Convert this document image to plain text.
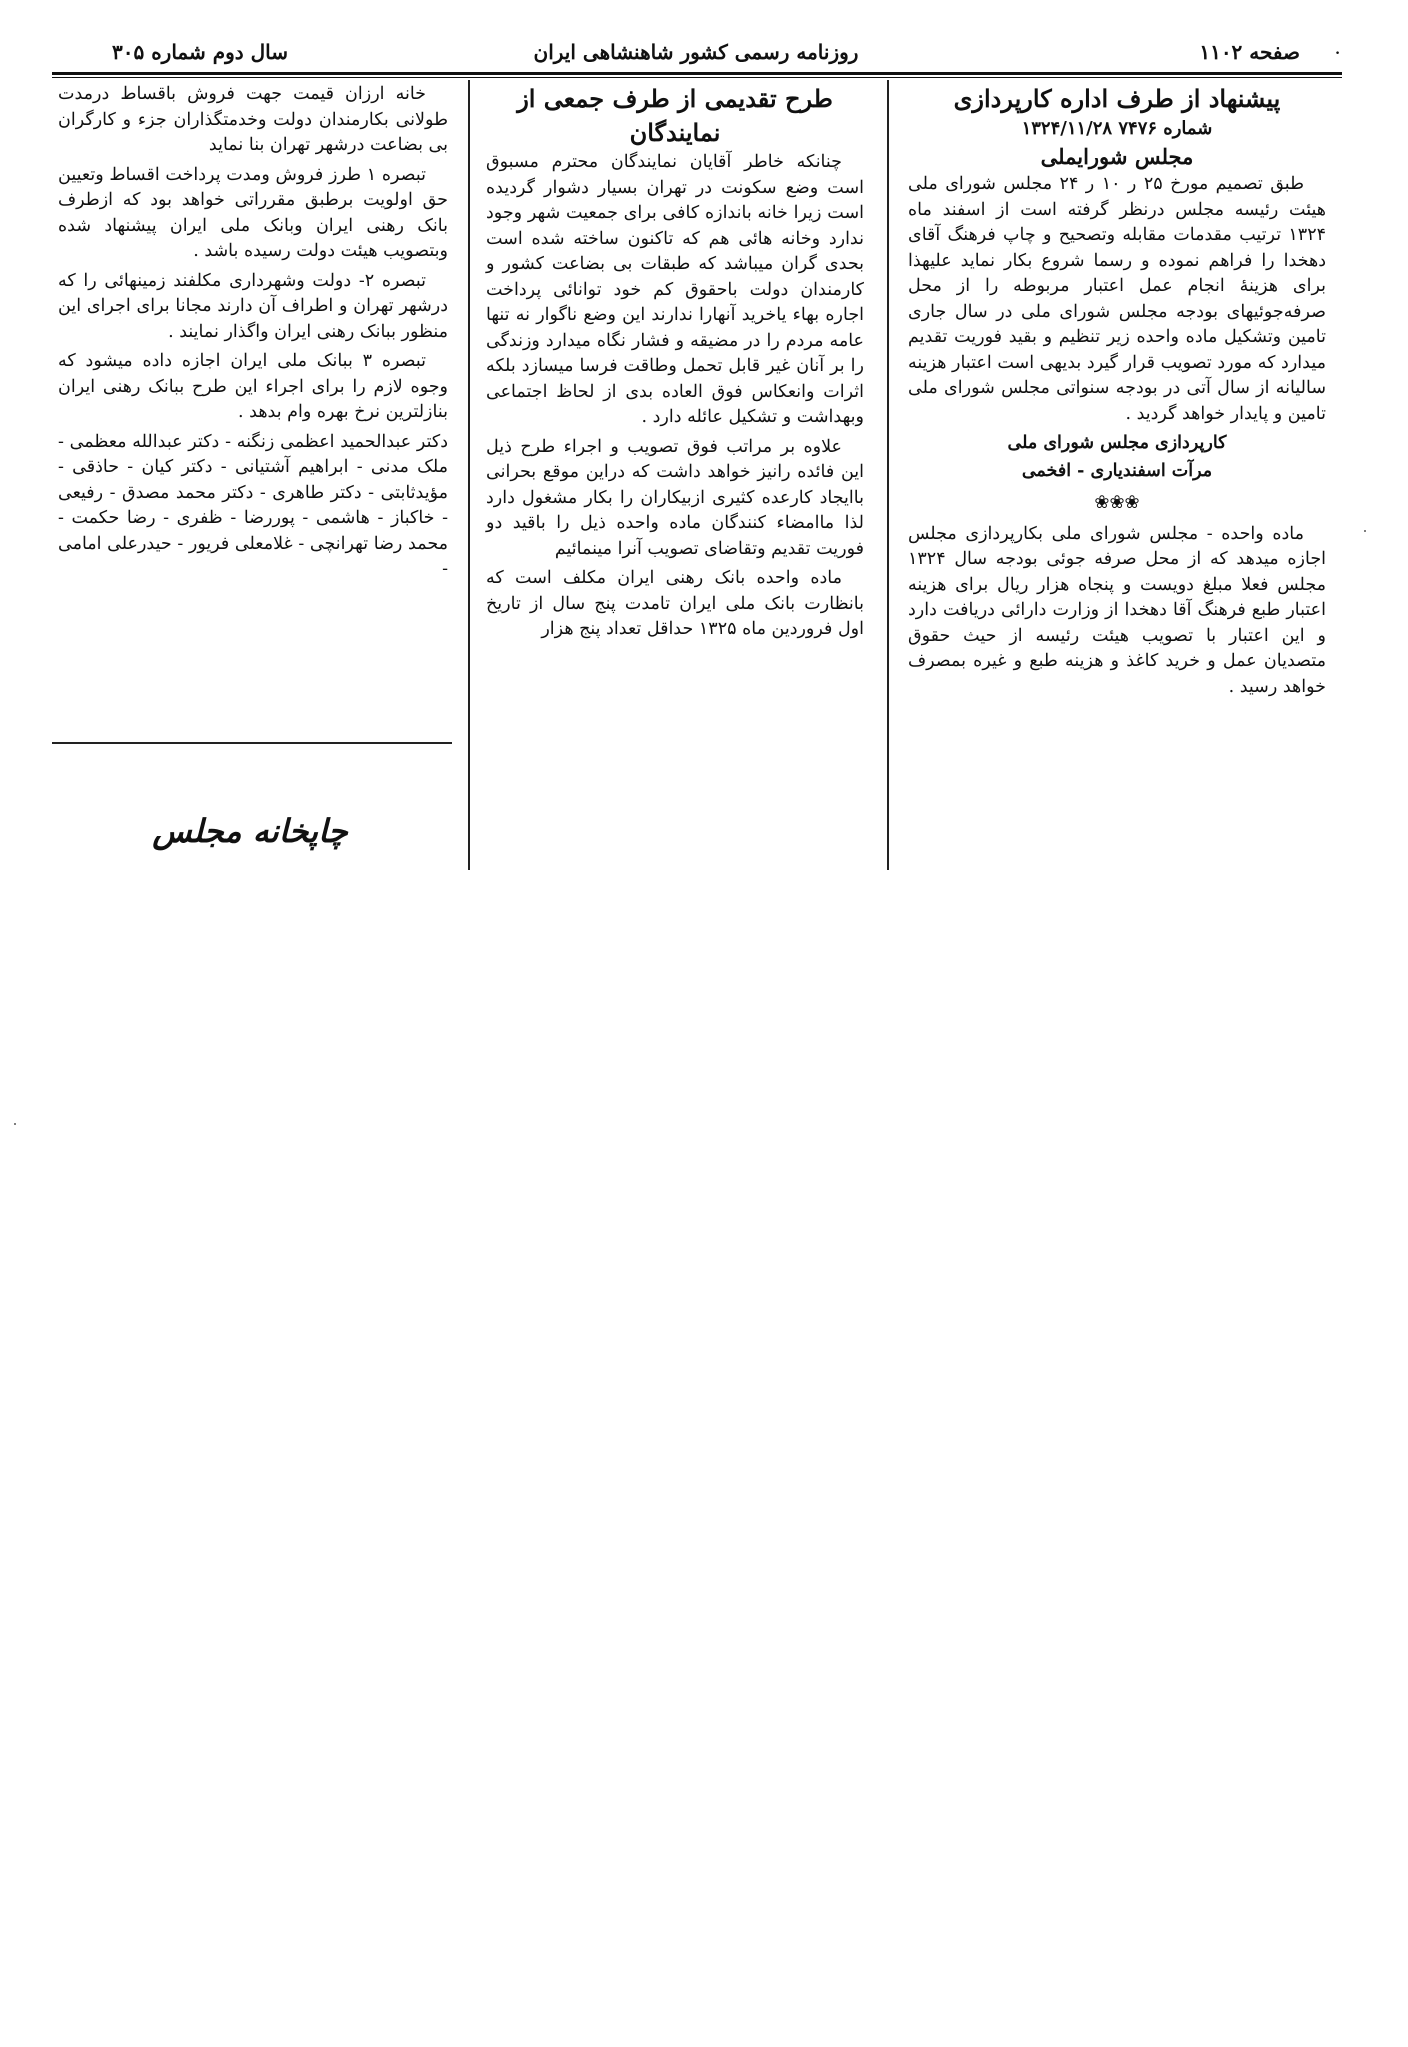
.
صفحه ۱۱۰۲
روزنامه رسمی کشور شاهنشاهی ایران
سال دوم شماره ۳۰۵
پیشنهاد از طرف اداره کارپردازی
شماره ۷۴۷۶ ۱۳۲۴/۱۱/۲۸
مجلس شورایملی

طبق تصمیم مورخ ۲۵ ر ۱۰ ر ۲۴ مجلس شورای ملی هیئت رئیسه مجلس درنظر گرفته است از اسفند ماه ۱۳۲۴ ترتیب مقدمات مقابله وتصحیح و چاپ فرهنگ آقای دهخدا را فراهم نموده و رسما شروع بکار نماید علیهذا برای هزینهٔ انجام عمل اعتبار مربوطه را از محل صرفه‌جوئیهای بودجه مجلس شورای ملی در سال جاری تامین وتشکیل ماده واحده زیر تنظیم و بقید فوریت تقدیم میدارد که مورد تصویب قرار گیرد بدیهی است اعتبار هزینه سالیانه از سال آتی در بودجه سنواتی مجلس شورای ملی تامین و پایدار خواهد گردید .

کارپردازی مجلس شورای ملی

مرآت اسفندیاری - افخمی

❀❀❀

ماده واحده - مجلس شورای ملی بکارپردازی مجلس اجازه میدهد که از محل صرفه جوئی بودجه سال ۱۳۲۴ مجلس فعلا مبلغ دویست و پنجاه هزار ریال برای هزینه اعتبار طبع فرهنگ آقا دهخدا از وزارت دارائی دریافت دارد و این اعتبار با تصویب هیئت رئیسه از حیث حقوق متصدیان عمل و خرید کاغذ و هزینه طبع و غیره بمصرف خواهد رسید .

طرح تقدیمی از طرف جمعی از نمایندگان

چنانکه خاطر آقایان نمایندگان محترم مسبوق است وضع سکونت در تهران بسیار دشوار گردیده است زیرا خانه باندازه کافی برای جمعیت شهر وجود ندارد وخانه هائی هم که تاکنون ساخته شده است بحدی گران میباشد که طبقات بی بضاعت کشور و کارمندان دولت باحقوق کم خود توانائی پرداخت اجاره بهاء یاخرید آنهارا ندارند این وضع ناگوار نه تنها عامه مردم را در مضیقه و فشار نگاه میدارد وزندگی را بر آنان غیر قابل تحمل وطاقت فرسا میسازد بلکه اثرات وانعکاس فوق العاده بدی از لحاظ اجتماعی وبهداشت و تشکیل عائله دارد .

علاوه بر مراتب فوق تصویب و اجراء طرح ذیل این فائده رانیز خواهد داشت که دراین موقع بحرانی باایجاد کارعده کثیری ازبیکاران را بکار مشغول دارد لذا ماامضاء کنندگان ماده واحده ذیل را باقید دو فوریت تقدیم وتقاضای تصویب آنرا مینمائیم

ماده واحده بانک رهنی ایران مکلف است که بانظارت بانک ملی ایران تامدت پنج سال از تاریخ اول فروردین ماه ۱۳۲۵ حداقل تعداد پنج هزار

خانه ارزان قیمت جهت فروش باقساط درمدت طولانی بکارمندان دولت وخدمتگذاران جزء و کارگران بی بضاعت درشهر تهران بنا نماید

تبصره ۱ طرز فروش ومدت پرداخت اقساط وتعیین حق اولویت برطبق مقرراتی خواهد بود که ازطرف بانک رهنی ایران وبانک ملی ایران پیشنهاد شده وبتصویب هیئت دولت رسیده باشد .

تبصره ۲- دولت وشهرداری مکلفند زمینهائی را که درشهر تهران و اطراف آن دارند مجانا برای اجرای این منظور ببانک رهنی ایران واگذار نمایند .

تبصره ۳ ببانک ملی ایران اجازه داده میشود که وجوه لازم را برای اجراء این طرح ببانک رهنی ایران بنازلترین نرخ بهره وام بدهد .

دکتر عبدالحمید اعظمی زنگنه - دکتر عبدالله معظمی - ملک مدنی - ابراهیم آشتیانی - دکتر کیان - حاذقی - مؤیدثابتی - دکتر طاهری - دکتر محمد مصدق - رفیعی - خاکباز - هاشمی - پوررضا - ظفری - رضا حکمت - محمد رضا تهرانچی - غلامعلی فریور - حیدرعلی امامی -

چاپخانه مجلس
